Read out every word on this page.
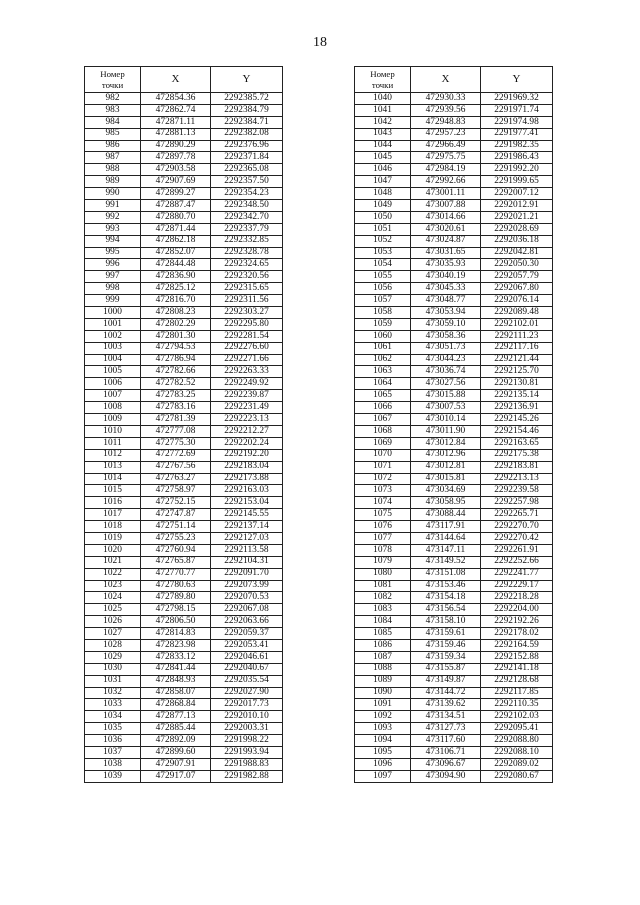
18
Номер
точки	X	Y
982	472854.36	2292385.72
983	472862.74	2292384.79
984	472871.11	2292384.71
985	472881.13	2292382.08
986	472890.29	2292376.96
987	472897.78	2292371.84
988	472903.58	2292365.08
989	472907.69	2292357.50
990	472899.27	2292354.23
991	472887.47	2292348.50
992	472880.70	2292342.70
993	472871.44	2292337.79
994	472862.18	2292332.85
995	472852.07	2292328.78
996	472844.48	2292324.65
997	472836.90	2292320.56
998	472825.12	2292315.65
999	472816.70	2292311.56
1000	472808.23	2292303.27
1001	472802.29	2292295.80
1002	472801.30	2292281.54
1003	472794.53	2292276.60
1004	472786.94	2292271.66
1005	472782.66	2292263.33
1006	472782.52	2292249.92
1007	472783.25	2292239.87
1008	472783.16	2292231.49
1009	472781.39	2292223.13
1010	472777.08	2292212.27
1011	472775.30	2292202.24
1012	472772.69	2292192.20
1013	472767.56	2292183.04
1014	472763.27	2292173.88
1015	472758.97	2292163.03
1016	472752.15	2292153.04
1017	472747.87	2292145.55
1018	472751.14	2292137.14
1019	472755.23	2292127.03
1020	472760.94	2292113.58
1021	472765.87	2292104.31
1022	472770.77	2292091.70
1023	472780.63	2292073.99
1024	472789.80	2292070.53
1025	472798.15	2292067.08
1026	472806.50	2292063.66
1027	472814.83	2292059.37
1028	472823.98	2292053.41
1029	472833.12	2292046.61
1030	472841.44	2292040.67
1031	472848.93	2292035.54
1032	472858.07	2292027.90
1033	472868.84	2292017.73
1034	472877.13	2292010.10
1035	472885.44	2292003.31
1036	472892.09	2291998.22
1037	472899.60	2291993.94
1038	472907.91	2291988.83
1039	472917.07	2291982.88
Номер
точки	X	Y
1040	472930.33	2291969.32
1041	472939.56	2291971.74
1042	472948.83	2291974.98
1043	472957.23	2291977.41
1044	472966.49	2291982.35
1045	472975.75	2291986.43
1046	472984.19	2291992.20
1047	472992.66	2291999.65
1048	473001.11	2292007.12
1049	473007.88	2292012.91
1050	473014.66	2292021.21
1051	473020.61	2292028.69
1052	473024.87	2292036.18
1053	473031.65	2292042.81
1054	473035.93	2292050.30
1055	473040.19	2292057.79
1056	473045.33	2292067.80
1057	473048.77	2292076.14
1058	473053.94	2292089.48
1059	473059.10	2292102.01
1060	473058.36	2292111.23
1061	473051.73	2292117.16
1062	473044.23	2292121.44
1063	473036.74	2292125.70
1064	473027.56	2292130.81
1065	473015.88	2292135.14
1066	473007.53	2292136.91
1067	473010.14	2292145.26
1068	473011.90	2292154.46
1069	473012.84	2292163.65
1070	473012.96	2292175.38
1071	473012.81	2292183.81
1072	473015.81	2292213.13
1073	473034.69	2292239.58
1074	473058.95	2292257.98
1075	473088.44	2292265.71
1076	473117.91	2292270.70
1077	473144.64	2292270.42
1078	473147.11	2292261.91
1079	473149.52	2292252.66
1080	473151.08	2292241.77
1081	473153.46	2292229.17
1082	473154.18	2292218.28
1083	473156.54	2292204.00
1084	473158.10	2292192.26
1085	473159.61	2292178.02
1086	473159.46	2292164.59
1087	473159.34	2292152.88
1088	473155.87	2292141.18
1089	473149.87	2292128.68
1090	473144.72	2292117.85
1091	473139.62	2292110.35
1092	473134.51	2292102.03
1093	473127.73	2292095.41
1094	473117.60	2292088.80
1095	473106.71	2292088.10
1096	473096.67	2292089.02
1097	473094.90	2292080.67
